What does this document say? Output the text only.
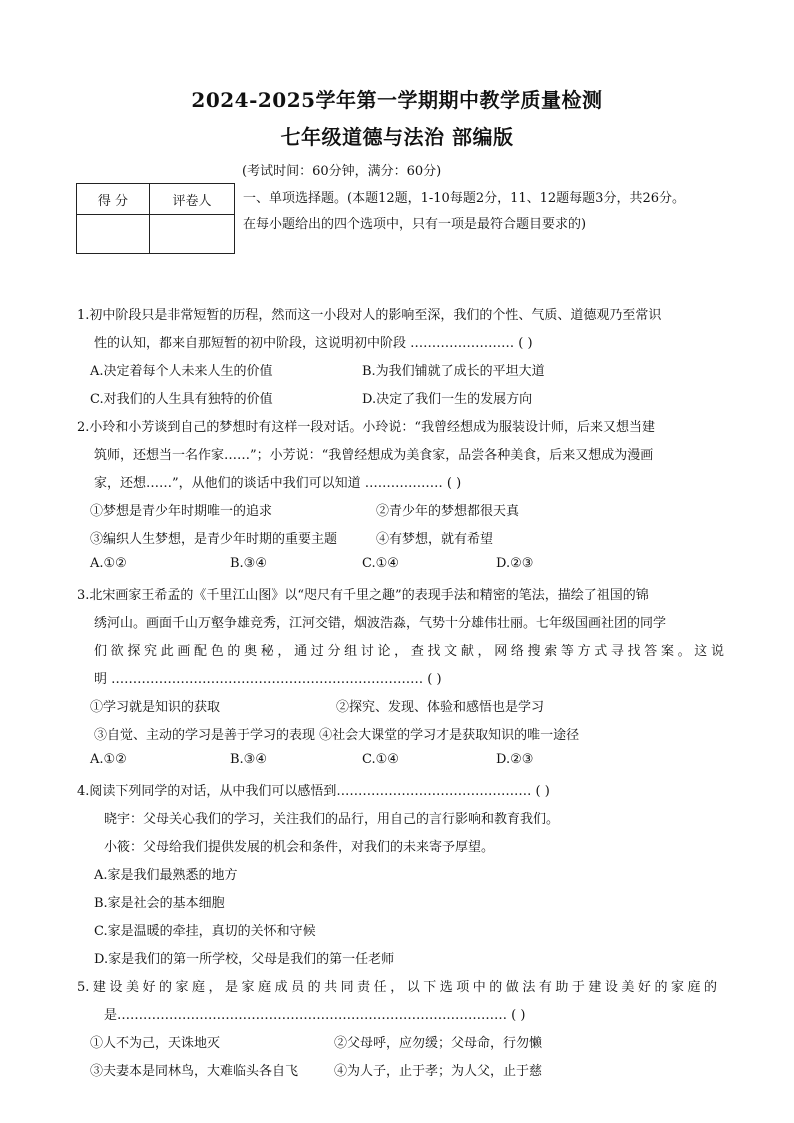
2024-2025学年第一学期期中教学质量检测
七年级道德与法治 部编版
(考试时间：60分钟，满分：60分)
得 分	评卷人
	一、单项选择题。(本题12题，1-10每题2分，11、12题每题3分，共26分。
在每小题给出的四个选项中，只有一项是最符合题目要求的)
1.初中阶段只是非常短暂的历程，然而这一小段对人的影响至深，我们的个性、气质、道德观乃至常识
性的认知，都来自那短暂的初中阶段，这说明初中阶段 …………………… ( )
A.决定着每个人未来人生的价值	B.为我们铺就了成长的平坦大道
C.对我们的人生具有独特的价值	D.决定了我们一生的发展方向
2.小玲和小芳谈到自己的梦想时有这样一段对话。小玲说：“我曾经想成为服装设计师，后来又想当建
筑师，还想当一名作家……”；小芳说：“我曾经想成为美食家，品尝各种美食，后来又想成为漫画
家，还想……”，从他们的谈话中我们可以知道 ……………… ( )
①梦想是青少年时期唯一的追求	②青少年的梦想都很天真
③编织人生梦想，是青少年时期的重要主题	④有梦想，就有希望
A.①②	B.③④	C.①④	D.②③
3.北宋画家王希孟的《千里江山图》以“咫尺有千里之趣”的表现手法和精密的笔法，描绘了祖国的锦
绣河山。画面千山万壑争雄竞秀，江河交错，烟波浩淼，气势十分雄伟壮丽。七年级国画社团的同学
们欲探究此画配色的奥秘，通过分组讨论，查找文献，网络搜索等方式寻找答案。这说
明 ……………………………………………………………… ( )
①学习就是知识的获取	②探究、发现、体验和感悟也是学习
③自觉、主动的学习是善于学习的表现 ④社会大课堂的学习才是获取知识的唯一途径
A.①②	B.③④	C.①④	D.②③
4.阅读下列同学的对话，从中我们可以感悟到……………………………………… ( )
晓宇：父母关心我们的学习，关注我们的品行，用自己的言行影响和教育我们。
小筱：父母给我们提供发展的机会和条件，对我们的未来寄予厚望。
A.家是我们最熟悉的地方
B.家是社会的基本细胞
C.家是温暖的牵挂，真切的关怀和守候
D.家是我们的第一所学校，父母是我们的第一任老师
5.建设美好的家庭，是家庭成员的共同责任，以下选项中的做法有助于建设美好的家庭的
是……………………………………………………………………………… ( )
①人不为己，天诛地灭	②父母呼，应勿缓；父母命，行勿懒
③夫妻本是同林鸟，大难临头各自飞	④为人子，止于孝；为人父，止于慈
